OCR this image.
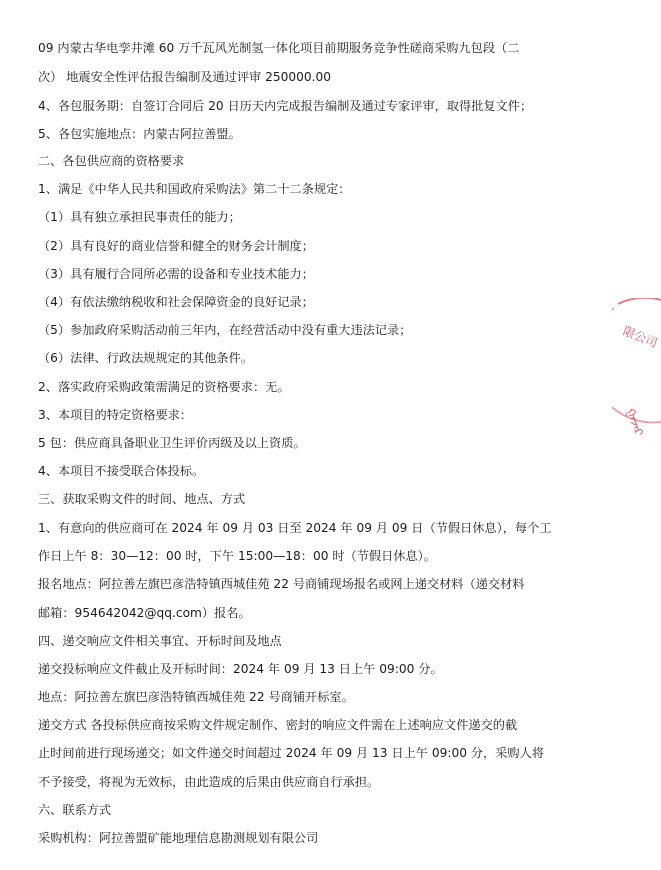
09 内蒙古华电孪井滩 60 万千瓦风光制氢一体化项目前期服务竞争性磋商采购九包段（二
次） 地震安全性评估报告编制及通过评审 250000.00
4、各包服务期：自签订合同后 20 日历天内完成报告编制及通过专家评审，取得批复文件；
5、各包实施地点：内蒙古阿拉善盟。
二、各包供应商的资格要求
1、满足《中华人民共和国政府采购法》第二十二条规定：
（1）具有独立承担民事责任的能力；
（2）具有良好的商业信誉和健全的财务会计制度；
（3）具有履行合同所必需的设备和专业技术能力；
（4）有依法缴纳税收和社会保障资金的良好记录；
（5）参加政府采购活动前三年内，在经营活动中没有重大违法记录；
（6）法律、行政法规规定的其他条件。
2、落实政府采购政策需满足的资格要求：无。
3、本项目的特定资格要求：
5 包：供应商具备职业卫生评价丙级及以上资质。
4、本项目不接受联合体投标。
三、获取采购文件的时间、地点、方式
1、有意向的供应商可在 2024 年 09 月 03 日至 2024 年 09 月 09 日（节假日休息），每个工
作日上午 8：30—12：00 时，下午 15:00—18：00 时（节假日休息）。
报名地点：阿拉善左旗巴彦浩特镇西城佳苑 22 号商铺现场报名或网上递交材料（递交材料
邮箱：954642042@qq.com）报名。
四、递交响应文件相关事宜、开标时间及地点
递交投标响应文件截止及开标时间：2024 年 09 月 13 日上午 09:00 分。
地点：阿拉善左旗巴彦浩特镇西城佳苑 22 号商铺开标室。
递交方式 各投标供应商按采购文件规定制作、密封的响应文件需在上述响应文件递交的截
止时间前进行现场递交；如文件递交时间超过 2024 年 09 月 13 日上午 09:00 分，采购人将
不予接受，将视为无效标，由此造成的后果由供应商自行承担。
六、联系方式
采购机构：阿拉善盟矿能地理信息勘测规划有限公司
限公司
ᠭᠠᠵᠠᠷ
